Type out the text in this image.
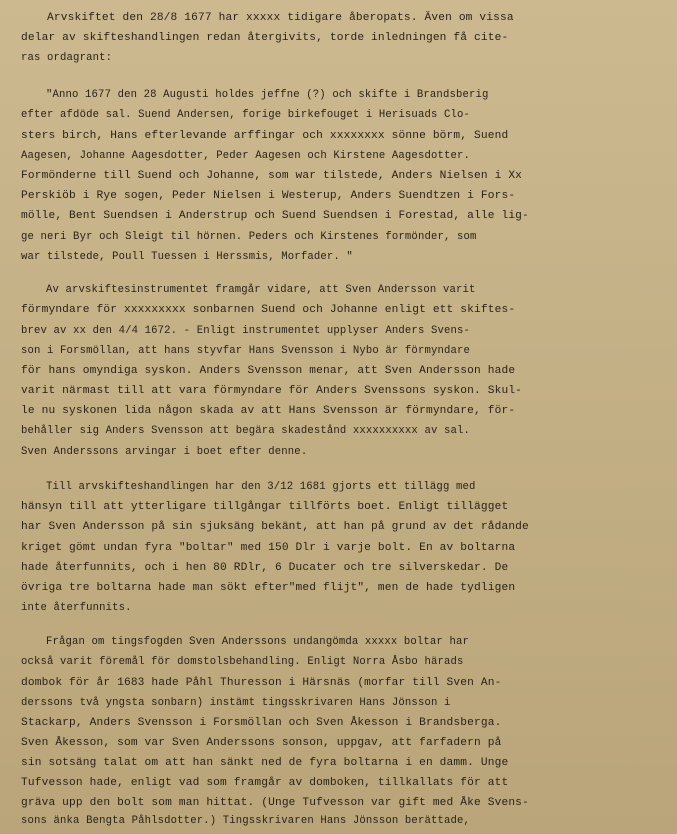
Arvskiftet den 28/8 1677 har xxxxx tidigare åberopats. Även om vissa
delar av skifteshandlingen redan återgivits, torde inledningen få cite-
ras ordagrant:
"Anno 1677 den 28 Augusti holdes jeffne (?) och skifte i Brandsberig
efter afdöde sal. Suend Andersen, forige birkefouget i Herisuads Clo-
sters birch, Hans efterlevande arffingar och xxxxxxxx sönne börm, Suend
Aagesen, Johanne Aagesdotter, Peder Aagesen och Kirstene Aagesdotter.
Formönderne till Suend och Johanne, som war tilstede, Anders Nielsen i Xx
Perskiöb i Rye sogen, Peder Nielsen i Westerup, Anders Suendtzen i Fors-
mölle, Bent Suendsen i Anderstrup och Suend Suendsen i Forestad, alle lig-
ge neri Byr och Sleigt til hörnen. Peders och Kirstenes formönder, som
war tilstede, Poull Tuessen i Herssmis, Morfader. "
Av arvskiftesinstrumentet framgår vidare, att Sven Andersson varit
förmyndare för xxxxxxxxx sonbarnen Suend och Johanne enligt ett skiftes-
brev av xx den 4/4 1672. - Enligt instrumentet upplyser Anders Svens-
son i Forsmöllan, att hans styvfar Hans Svensson i Nybo är förmyndare
för hans omyndiga syskon. Anders Svensson menar, att Sven Andersson hade
varit närmast till att vara förmyndare för Anders Svenssons syskon. Skul-
le nu syskonen lida någon skada av att Hans Svensson är förmyndare, för-
behåller sig Anders Svensson att begära skadestånd xxxxxxxxxx av sal.
Sven Anderssons arvingar i boet efter denne.
Till arvskifteshandlingen har den 3/12 1681 gjorts ett tillägg med
hänsyn till att ytterligare tillgångar tillförts boet. Enligt tillägget
har Sven Andersson på sin sjuksäng bekänt, att han på grund av det rådande
kriget gömt undan fyra "boltar" med 150 Dlr i varje bolt. En av boltarna
hade återfunnits, och i hen 80 RDlr, 6 Ducater och tre silverskedar. De
övriga tre boltarna hade man sökt efter"med flijt", men de hade tydligen
inte återfunnits.
Frågan om tingsfogden Sven Anderssons undangömda xxxxx boltar har
också varit föremål för domstolsbehandling. Enligt Norra Åsbo härads
dombok för år 1683 hade Påhl Thuresson i Härsnäs (morfar till Sven An-
derssons två yngsta sonbarn) instämt tingsskrivaren Hans Jönsson i
Stackarp, Anders Svensson i Forsmöllan och Sven Åkesson i Brandsberga.
Sven Åkesson, som var Sven Anderssons sonson, uppgav, att farfadern på
sin sotsäng talat om att han sänkt ned de fyra boltarna i en damm. Unge
Tufvesson hade, enligt vad som framgår av domboken, tillkallats för att
gräva upp den bolt som man hittat. (Unge Tufvesson var gift med Åke Svens-
sons änka Bengta Påhlsdotter.) Tingsskrivaren Hans Jönsson berättade,
